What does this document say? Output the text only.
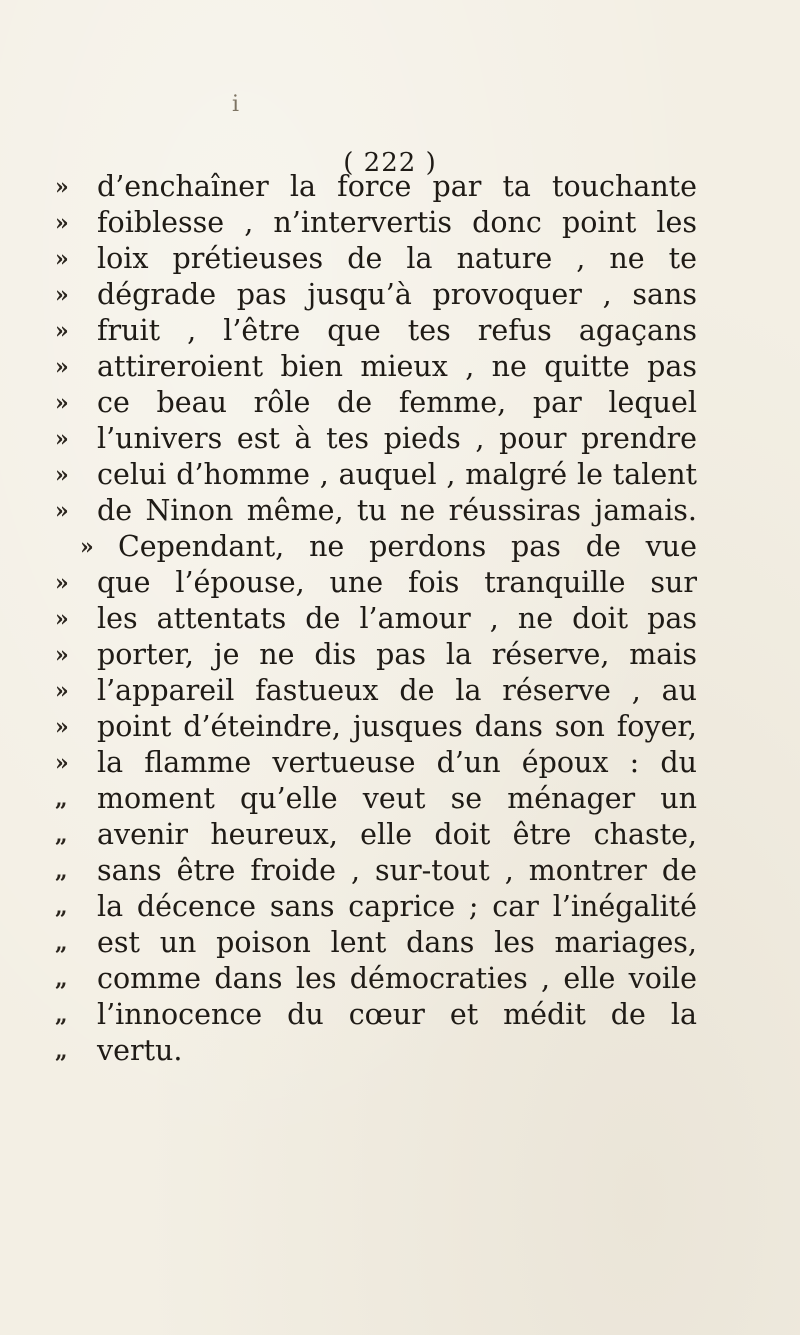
i
( 222 )
» d’enchaîner la force par ta touchante
» foiblesse , n’intervertis donc point les
» loix prétieuses de la nature , ne te
» dégrade pas jusqu’à provoquer , sans
» fruit , l’être que tes refus agaçans
» attireroient bien mieux , ne quitte pas
» ce beau rôle de femme, par lequel
» l’univers est à tes pieds , pour prendre
» celui d’homme , auquel , malgré le talent
» de Ninon même, tu ne réussiras jamais.
» Cependant, ne perdons pas de vue
» que l’épouse, une fois tranquille sur
» les attentats de l’amour , ne doit pas
» porter, je ne dis pas la réserve, mais
» l’appareil fastueux de la réserve , au
» point d’éteindre, jusques dans son foyer,
» la flamme vertueuse d’un époux : du
„	moment qu’elle veut se ménager un
„	avenir heureux, elle doit être chaste,
„	sans être froide , sur-tout , montrer de
„	la décence sans caprice ; car l’inégalité
„	est un poison lent dans les mariages,
„	comme dans les démocraties , elle voile
„	l’innocence du cœur et médit de la
„	vertu.
